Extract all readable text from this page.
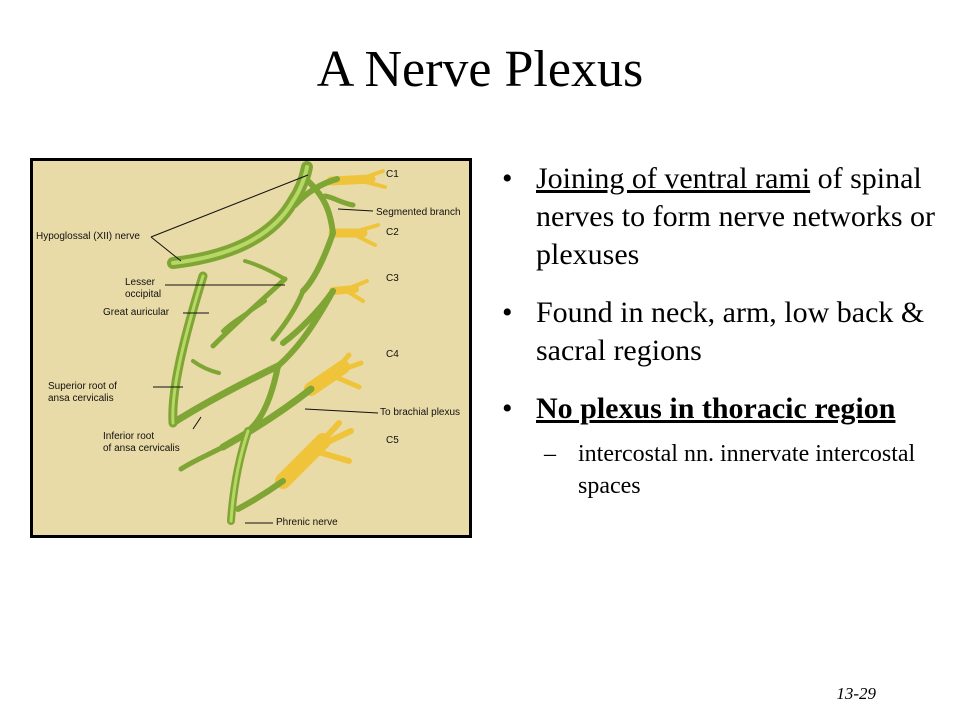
A Nerve Plexus
C1
Segmented branch
C2
Hypoglossal (XII) nerve
C3
Lesser
occipital
Great auricular
C4
Superior root of
ansa cervicalis
To brachial plexus
Inferior root
of ansa cervicalis
C5
Phrenic nerve
• Joining of ventral rami of spinal nerves to form nerve networks or plexuses
• Found in neck, arm, low back & sacral regions
• No plexus in thoracic region
– intercostal nn. innervate intercostal spaces
13-29
